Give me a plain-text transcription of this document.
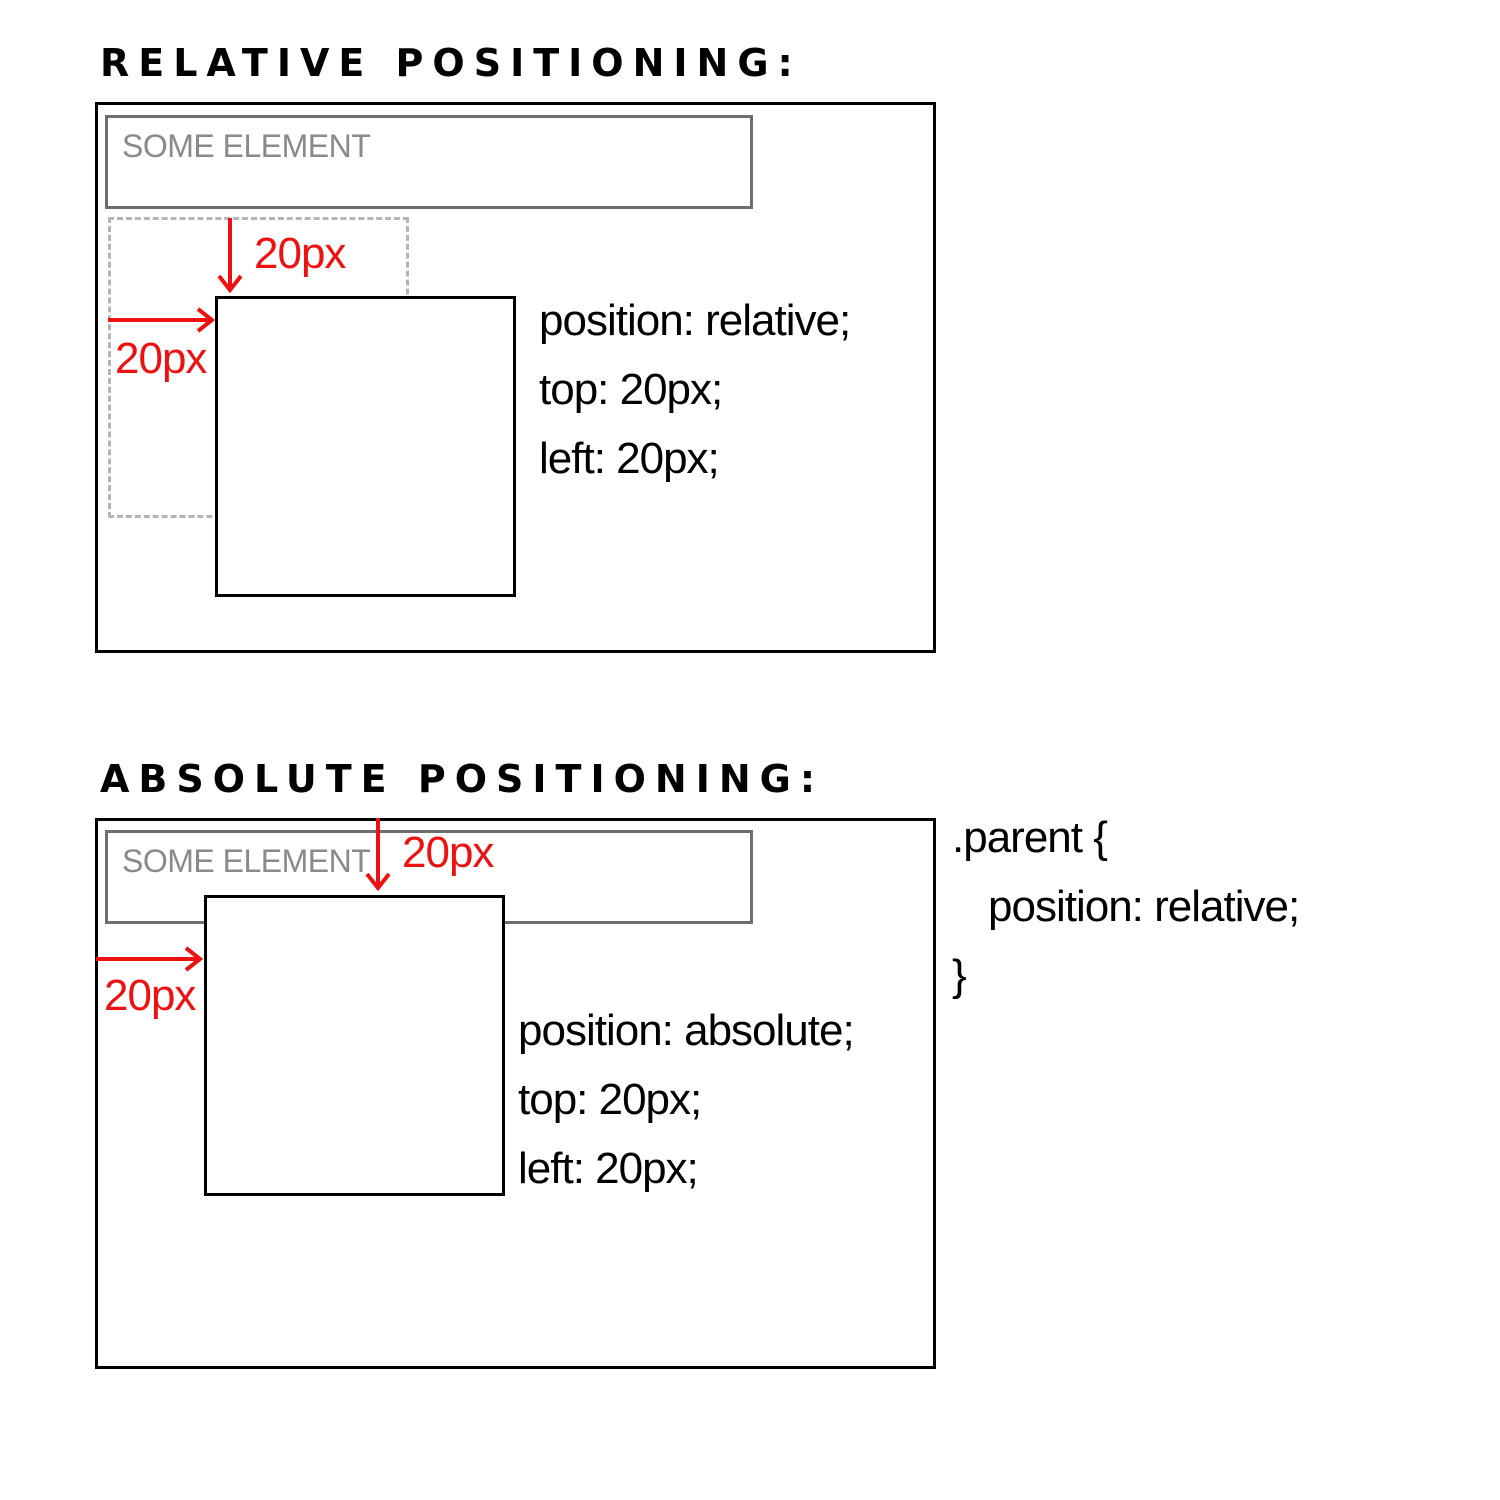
RELATIVE POSITIONING:
SOME ELEMENT
20px
20px
position: relative;
top: 20px;
left: 20px;
ABSOLUTE POSITIONING:
SOME ELEMENT 20px
20px
position: absolute;
top: 20px;
left: 20px;
.parent {
position: relative;
}
